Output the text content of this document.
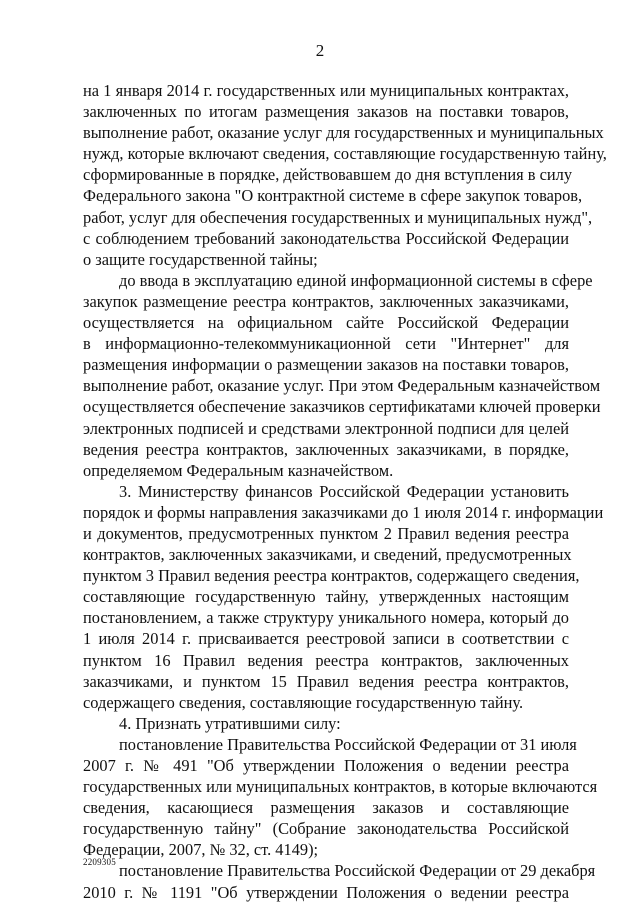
2
на 1 января 2014 г. государственных или муниципальных контрактах,
заключенных по итогам размещения заказов на поставки товаров,
выполнение работ, оказание услуг для государственных и муниципальных
нужд, которые включают сведения, составляющие государственную тайну,
сформированные в порядке, действовавшем до дня вступления в силу
Федерального закона "О контрактной системе в сфере закупок товаров,
работ, услуг для обеспечения государственных и муниципальных нужд",
с соблюдением требований законодательства Российской Федерации
о защите государственной тайны;
до ввода в эксплуатацию единой информационной системы в сфере
закупок размещение реестра контрактов, заключенных заказчиками,
осуществляется на официальном сайте Российской Федерации
в информационно-телекоммуникационной сети "Интернет" для
размещения информации о размещении заказов на поставки товаров,
выполнение работ, оказание услуг. При этом Федеральным казначейством
осуществляется обеспечение заказчиков сертификатами ключей проверки
электронных подписей и средствами электронной подписи для целей
ведения реестра контрактов, заключенных заказчиками, в порядке,
определяемом Федеральным казначейством.
3. Министерству финансов Российской Федерации установить
порядок и формы направления заказчиками до 1 июля 2014 г. информации
и документов, предусмотренных пунктом 2 Правил ведения реестра
контрактов, заключенных заказчиками, и сведений, предусмотренных
пунктом 3 Правил ведения реестра контрактов, содержащего сведения,
составляющие государственную тайну, утвержденных настоящим
постановлением, а также структуру уникального номера, который до
1 июля 2014 г. присваивается реестровой записи в соответствии с
пунктом 16 Правил ведения реестра контрактов, заключенных
заказчиками, и пунктом 15 Правил ведения реестра контрактов,
содержащего сведения, составляющие государственную тайну.
4. Признать утратившими силу:
постановление Правительства Российской Федерации от 31 июля
2007 г. № 491 "Об утверждении Положения о ведении реестра
государственных или муниципальных контрактов, в которые включаются
сведения, касающиеся размещения заказов и составляющие
государственную тайну" (Собрание законодательства Российской
Федерации, 2007, № 32, ст. 4149);
постановление Правительства Российской Федерации от 29 декабря
2010 г. № 1191 "Об утверждении Положения о ведении реестра
2209305
